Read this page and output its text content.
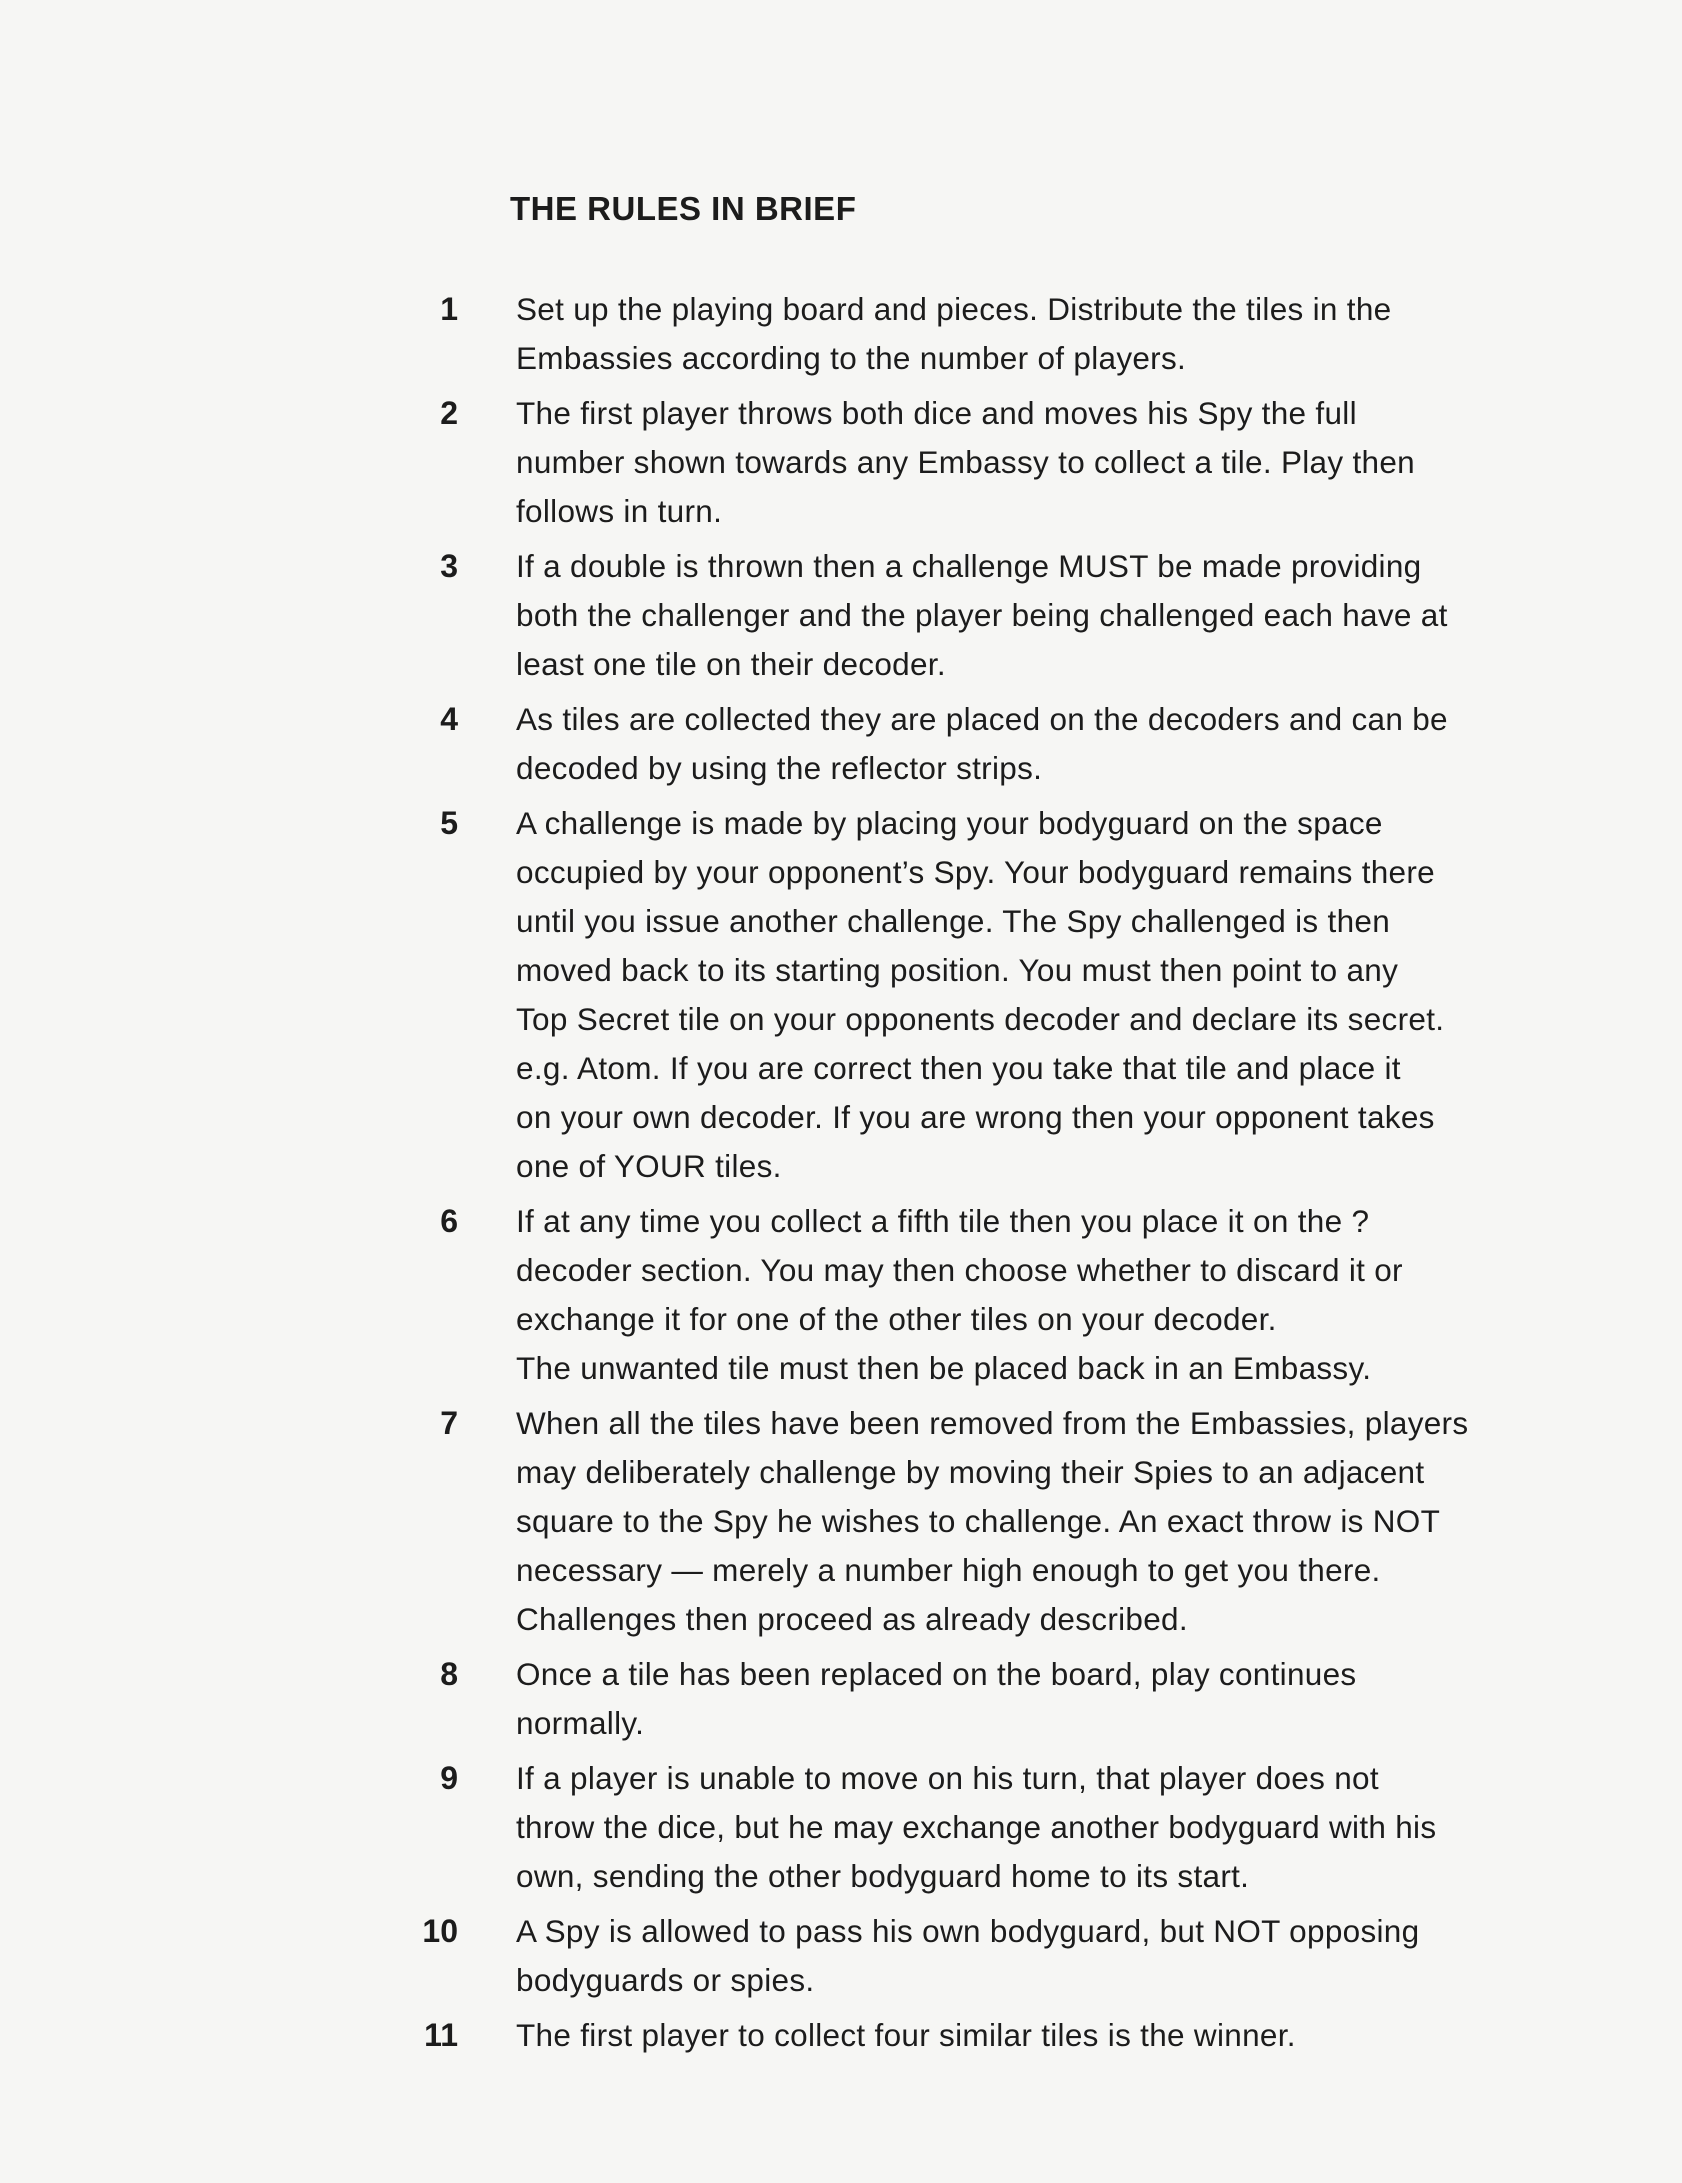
THE RULES IN BRIEF
1 Set up the playing board and pieces. Distribute the tiles in the
Embassies according to the number of players.
2 The first player throws both dice and moves his Spy the full
number shown towards any Embassy to collect a tile. Play then
follows in turn.
3 If a double is thrown then a challenge MUST be made providing
both the challenger and the player being challenged each have at
least one tile on their decoder.
4 As tiles are collected they are placed on the decoders and can be
decoded by using the reflector strips.
5 A challenge is made by placing your bodyguard on the space
occupied by your opponent’s Spy. Your bodyguard remains there
until you issue another challenge. The Spy challenged is then
moved back to its starting position. You must then point to any
Top Secret tile on your opponents decoder and declare its secret.
e.g. Atom. If you are correct then you take that tile and place it
on your own decoder. If you are wrong then your opponent takes
one of YOUR tiles.
6 If at any time you collect a fifth tile then you place it on the ?
decoder section. You may then choose whether to discard it or
exchange it for one of the other tiles on your decoder.
The unwanted tile must then be placed back in an Embassy.
7 When all the tiles have been removed from the Embassies, players
may deliberately challenge by moving their Spies to an adjacent
square to the Spy he wishes to challenge. An exact throw is NOT
necessary — merely a number high enough to get you there.
Challenges then proceed as already described.
8 Once a tile has been replaced on the board, play continues
normally.
9 If a player is unable to move on his turn, that player does not
throw the dice, but he may exchange another bodyguard with his
own, sending the other bodyguard home to its start.
10 A Spy is allowed to pass his own bodyguard, but NOT opposing
bodyguards or spies.
11 The first player to collect four similar tiles is the winner.
